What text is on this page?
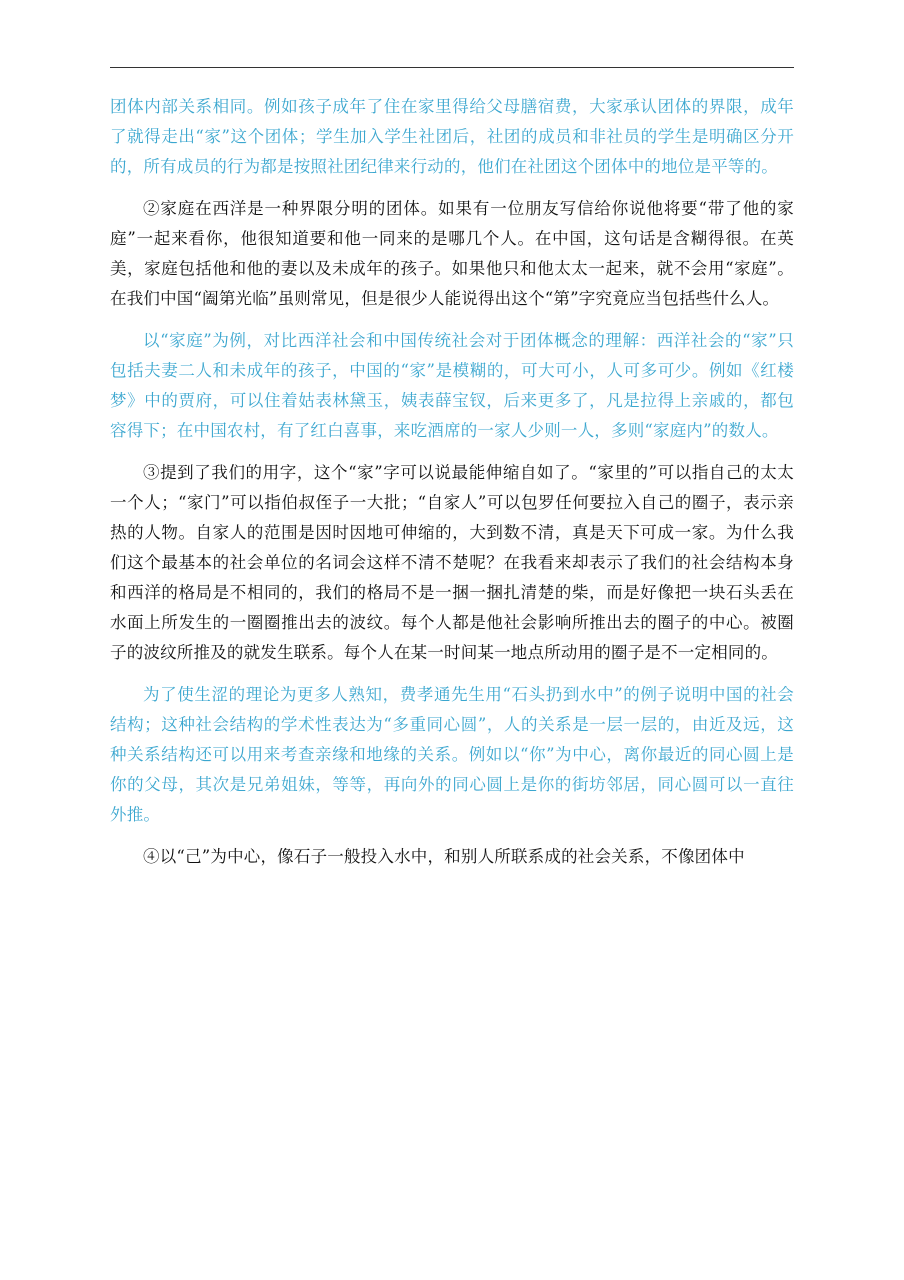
团体内部关系相同。例如孩子成年了住在家里得给父母膳宿费，大家承认团体的界限，成年了就得走出“家”这个团体；学生加入学生社团后，社团的成员和非社员的学生是明确区分开的，所有成员的行为都是按照社团纪律来行动的，他们在社团这个团体中的地位是平等的。

②家庭在西洋是一种界限分明的团体。如果有一位朋友写信给你说他将要“带了他的家庭”一起来看你，他很知道要和他一同来的是哪几个人。在中国，这句话是含糊得很。在英美，家庭包括他和他的妻以及未成年的孩子。如果他只和他太太一起来，就不会用“家庭”。在我们中国“阖第光临”虽则常见，但是很少人能说得出这个“第”字究竟应当包括些什么人。

以“家庭”为例，对比西洋社会和中国传统社会对于团体概念的理解：西洋社会的“家”只包括夫妻二人和未成年的孩子，中国的“家”是模糊的，可大可小，人可多可少。例如《红楼梦》中的贾府，可以住着姑表林黛玉，姨表薛宝钗，后来更多了，凡是拉得上亲戚的，都包容得下；在中国农村，有了红白喜事，来吃酒席的一家人少则一人，多则“家庭内”的数人。

③提到了我们的用字，这个“家”字可以说最能伸缩自如了。“家里的”可以指自己的太太一个人；“家门”可以指伯叔侄子一大批；“自家人”可以包罗任何要拉入自己的圈子，表示亲热的人物。自家人的范围是因时因地可伸缩的，大到数不清，真是天下可成一家。为什么我们这个最基本的社会单位的名词会这样不清不楚呢？在我看来却表示了我们的社会结构本身和西洋的格局是不相同的，我们的格局不是一捆一捆扎清楚的柴，而是好像把一块石头丢在水面上所发生的一圈圈推出去的波纹。每个人都是他社会影响所推出去的圈子的中心。被圈子的波纹所推及的就发生联系。每个人在某一时间某一地点所动用的圈子是不一定相同的。

为了使生涩的理论为更多人熟知，费孝通先生用“石头扔到水中”的例子说明中国的社会结构；这种社会结构的学术性表达为“多重同心圆”，人的关系是一层一层的，由近及远，这种关系结构还可以用来考查亲缘和地缘的关系。例如以“你”为中心，离你最近的同心圆上是你的父母，其次是兄弟姐妹，等等，再向外的同心圆上是你的街坊邻居，同心圆可以一直往外推。

④以“己”为中心，像石子一般投入水中，和别人所联系成的社会关系，不像团体中
